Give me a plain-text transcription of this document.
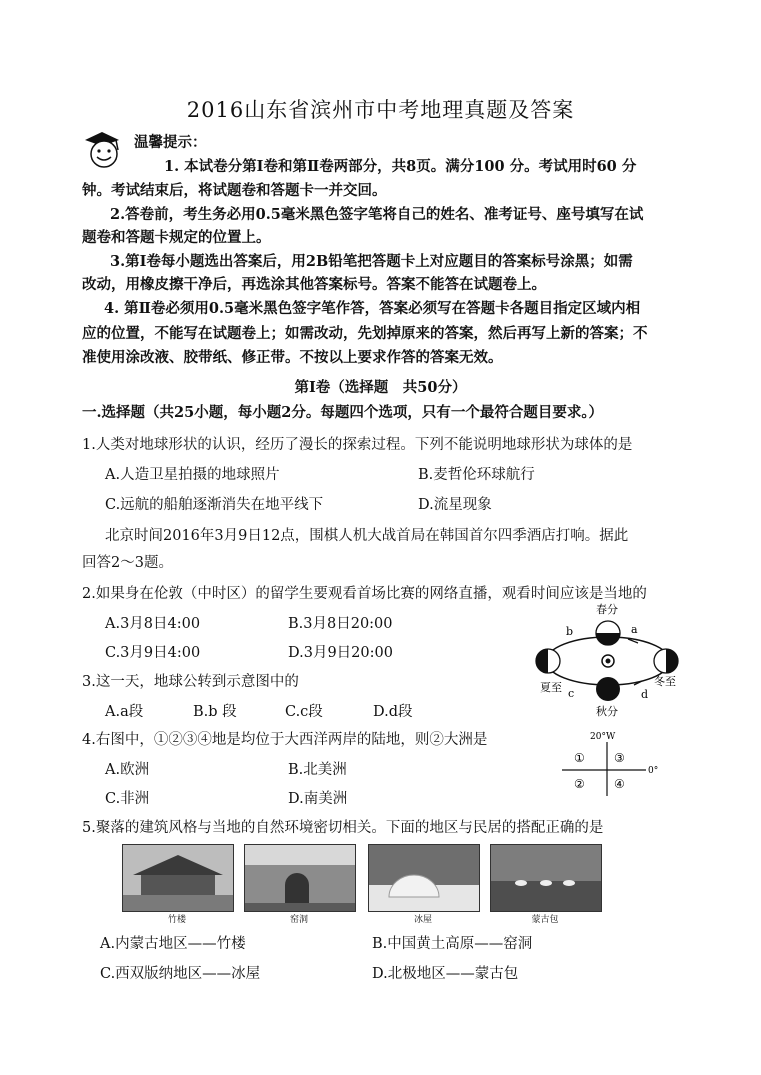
2016山东省滨州市中考地理真题及答案
温馨提示：
1. 本试卷分第Ⅰ卷和第Ⅱ卷两部分，共8页。满分100 分。考试用时60 分
钟。考试结束后，将试题卷和答题卡一并交回。
2.答卷前，考生务必用0.5毫米黑色签字笔将自己的姓名、准考证号、座号填写在试
题卷和答题卡规定的位置上。
3.第Ⅰ卷每小题选出答案后，用2B铅笔把答题卡上对应题目的答案标号涂黑；如需
改动，用橡皮擦干净后，再选涂其他答案标号。答案不能答在试题卷上。
4. 第Ⅱ卷必须用0.5毫米黑色签字笔作答，答案必须写在答题卡各题目指定区域内相
应的位置，不能写在试题卷上；如需改动，先划掉原来的答案，然后再写上新的答案；不
准使用涂改液、胶带纸、修正带。不按以上要求作答的答案无效。
第Ⅰ卷（选择题　共50分）
一.选择题（共25小题，每小题2分。每题四个选项，只有一个最符合题目要求。）
1.人类对地球形状的认识，经历了漫长的探索过程。下列不能说明地球形状为球体的是
A.人造卫星拍摄的地球照片	B.麦哲伦环球航行
C.远航的船舶逐渐消失在地平线下	D.流星现象
北京时间2016年3月9日12点，围棋人机大战首局在韩国首尔四季酒店打响。据此
回答2～3题。
2.如果身在伦敦（中时区）的留学生要观看首场比赛的网络直播，观看时间应该是当地的
A.3月8日4:00	B.3月8日20:00
C.3月9日4:00	D.3月9日20:00
3.这一天，地球公转到示意图中的
A.a段	B.b 段	C.c段	D.d段
春分
夏至
秋分
冬至
a
b
c	d
4.右图中，①②③④地是均位于大西洋两岸的陆地，则②大洲是
A.欧洲	B.北美洲
C.非洲	D.南美洲
20°W
0°
① ③
② ④
5.聚落的建筑风格与当地的自然环境密切相关。下面的地区与民居的搭配正确的是
竹楼	窑洞	冰屋	蒙古包
A.内蒙古地区——竹楼	B.中国黄土高原——窑洞
C.西双版纳地区——冰屋	D.北极地区——蒙古包
